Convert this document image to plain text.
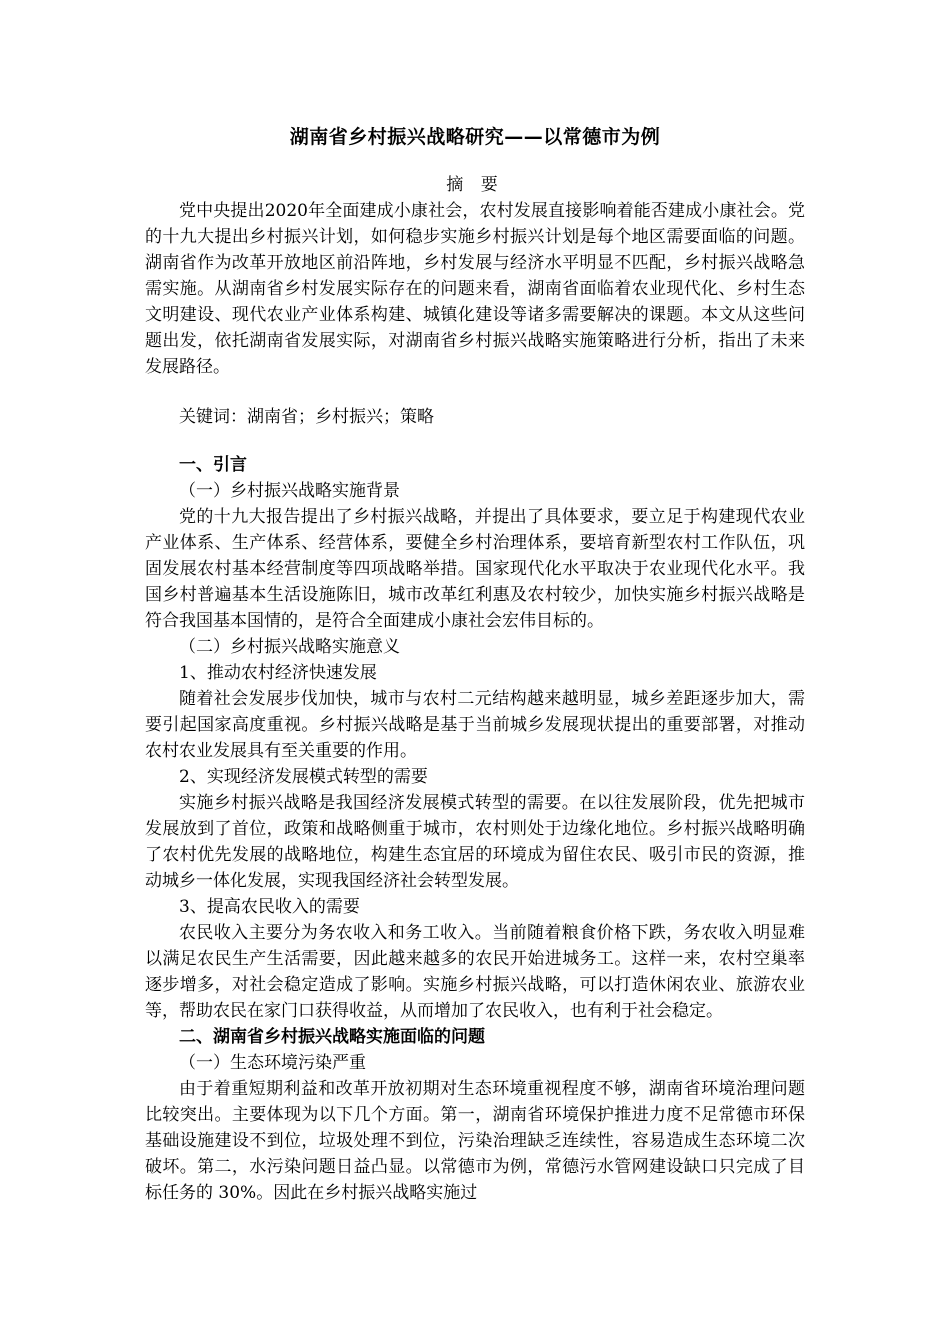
湖南省乡村振兴战略研究——以常德市为例

摘 要

党中央提出2020年全面建成小康社会，农村发展直接影响着能否建成小康社会。党的十九大提出乡村振兴计划，如何稳步实施乡村振兴计划是每个地区需要面临的问题。湖南省作为改革开放地区前沿阵地，乡村发展与经济水平明显不匹配，乡村振兴战略急需实施。从湖南省乡村发展实际存在的问题来看，湖南省面临着农业现代化、乡村生态文明建设、现代农业产业体系构建、城镇化建设等诸多需要解决的课题。本文从这些问题出发，依托湖南省发展实际，对湖南省乡村振兴战略实施策略进行分析，指出了未来发展路径。

关键词：湖南省；乡村振兴；策略

一、引言

（一）乡村振兴战略实施背景

党的十九大报告提出了乡村振兴战略，并提出了具体要求，要立足于构建现代农业产业体系、生产体系、经营体系，要健全乡村治理体系，要培育新型农村工作队伍，巩固发展农村基本经营制度等四项战略举措。国家现代化水平取决于农业现代化水平。我国乡村普遍基本生活设施陈旧，城市改革红利惠及农村较少，加快实施乡村振兴战略是符合我国基本国情的，是符合全面建成小康社会宏伟目标的。

（二）乡村振兴战略实施意义

1、推动农村经济快速发展

随着社会发展步伐加快，城市与农村二元结构越来越明显，城乡差距逐步加大，需要引起国家高度重视。乡村振兴战略是基于当前城乡发展现状提出的重要部署，对推动农村农业发展具有至关重要的作用。

2、实现经济发展模式转型的需要

实施乡村振兴战略是我国经济发展模式转型的需要。在以往发展阶段，优先把城市发展放到了首位，政策和战略侧重于城市，农村则处于边缘化地位。乡村振兴战略明确了农村优先发展的战略地位，构建生态宜居的环境成为留住农民、吸引市民的资源，推动城乡一体化发展，实现我国经济社会转型发展。

3、提高农民收入的需要

农民收入主要分为务农收入和务工收入。当前随着粮食价格下跌，务农收入明显难以满足农民生产生活需要，因此越来越多的农民开始进城务工。这样一来，农村空巢率逐步增多，对社会稳定造成了影响。实施乡村振兴战略，可以打造休闲农业、旅游农业等，帮助农民在家门口获得收益，从而增加了农民收入，也有利于社会稳定。

二、湖南省乡村振兴战略实施面临的问题

（一）生态环境污染严重

由于着重短期利益和改革开放初期对生态环境重视程度不够，湖南省环境治理问题比较突出。主要体现为以下几个方面。第一，湖南省环境保护推进力度不足常德市环保基础设施建设不到位，垃圾处理不到位，污染治理缺乏连续性，容易造成生态环境二次破坏。第二，水污染问题日益凸显。以常德市为例，常德污水管网建设缺口只完成了目标任务的 30%。因此在乡村振兴战略实施过
